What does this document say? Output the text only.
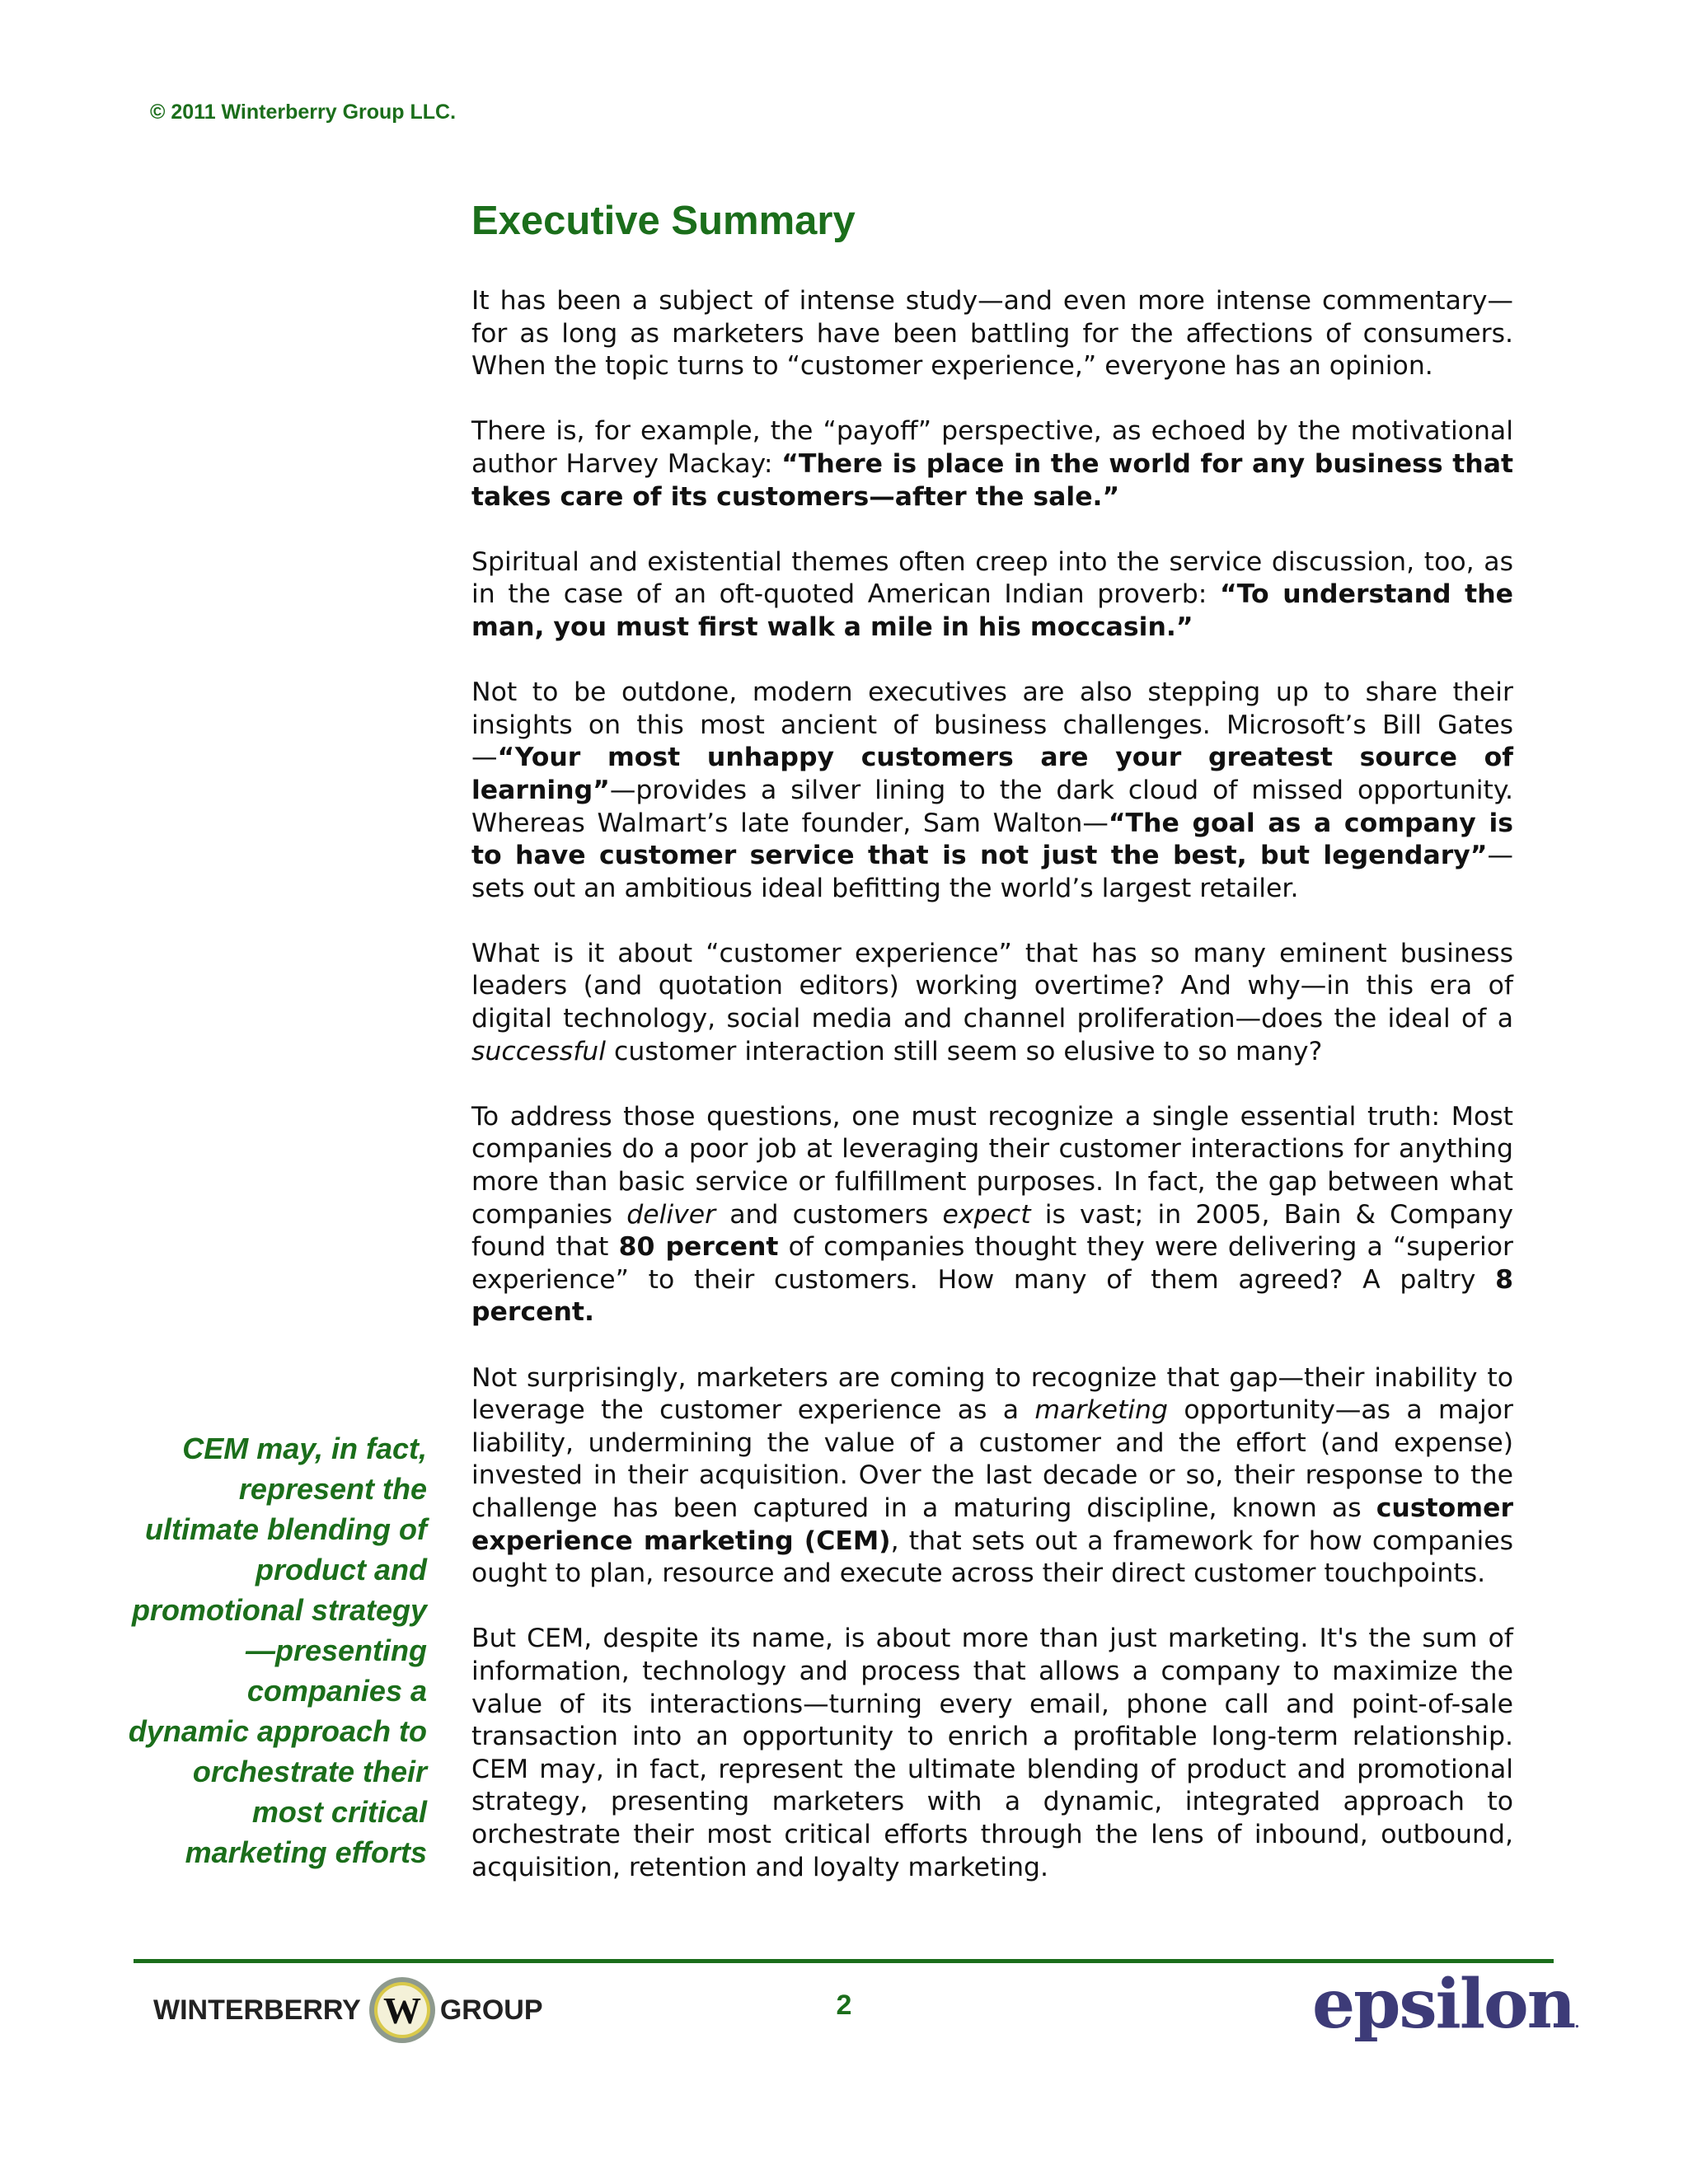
© 2011 Winterberry Group LLC.
Executive Summary

It has been a subject of intense study—and even more intense commentary—for as long as marketers have been battling for the affections of consumers. When the topic turns to “customer experience,” everyone has an opinion.

There is, for example, the “payoff” perspective, as echoed by the motivational author Harvey Mackay: “There is place in the world for any business that takes care of its customers—after the sale.”

Spiritual and existential themes often creep into the service discussion, too, as in the case of an oft-quoted American Indian proverb: “To understand the man, you must first walk a mile in his moccasin.”

Not to be outdone, modern executives are also stepping up to share their insights on this most ancient of business challenges. Microsoft’s Bill Gates—“Your most unhappy customers are your greatest source of learning”—provides a silver lining to the dark cloud of missed opportunity. Whereas Walmart’s late founder, Sam Walton—“The goal as a company is to have customer service that is not just the best, but legendary”—sets out an ambitious ideal befitting the world’s largest retailer.

What is it about “customer experience” that has so many eminent business leaders (and quotation editors) working overtime? And why—in this era of digital technology, social media and channel proliferation—does the ideal of a successful customer interaction still seem so elusive to so many?

To address those questions, one must recognize a single essential truth: Most companies do a poor job at leveraging their customer interactions for anything more than basic service or fulfillment purposes. In fact, the gap between what companies deliver and customers expect is vast; in 2005, Bain & Company found that 80 percent of companies thought they were delivering a “superior experience” to their customers. How many of them agreed? A paltry 8 percent.

Not surprisingly, marketers are coming to recognize that gap—their inability to leverage the customer experience as a marketing opportunity—as a major liability, undermining the value of a customer and the effort (and expense) invested in their acquisition. Over the last decade or so, their response to the challenge has been captured in a maturing discipline, known as customer experience marketing (CEM), that sets out a framework for how companies ought to plan, resource and execute across their direct customer touchpoints.

But CEM, despite its name, is about more than just marketing. It's the sum of information, technology and process that allows a company to maximize the value of its interactions—turning every email, phone call and point-of-sale transaction into an opportunity to enrich a profitable long-term relationship. CEM may, in fact, represent the ultimate blending of product and promotional strategy, presenting marketers with a dynamic, integrated approach to orchestrate their most critical efforts through the lens of inbound, outbound, acquisition, retention and loyalty marketing.

CEM may, in fact, represent the ultimate blending of product and promotional strategy—presenting companies a dynamic approach to orchestrate their most critical marketing efforts

WINTERBERRY W GROUP	2	epsilon.
